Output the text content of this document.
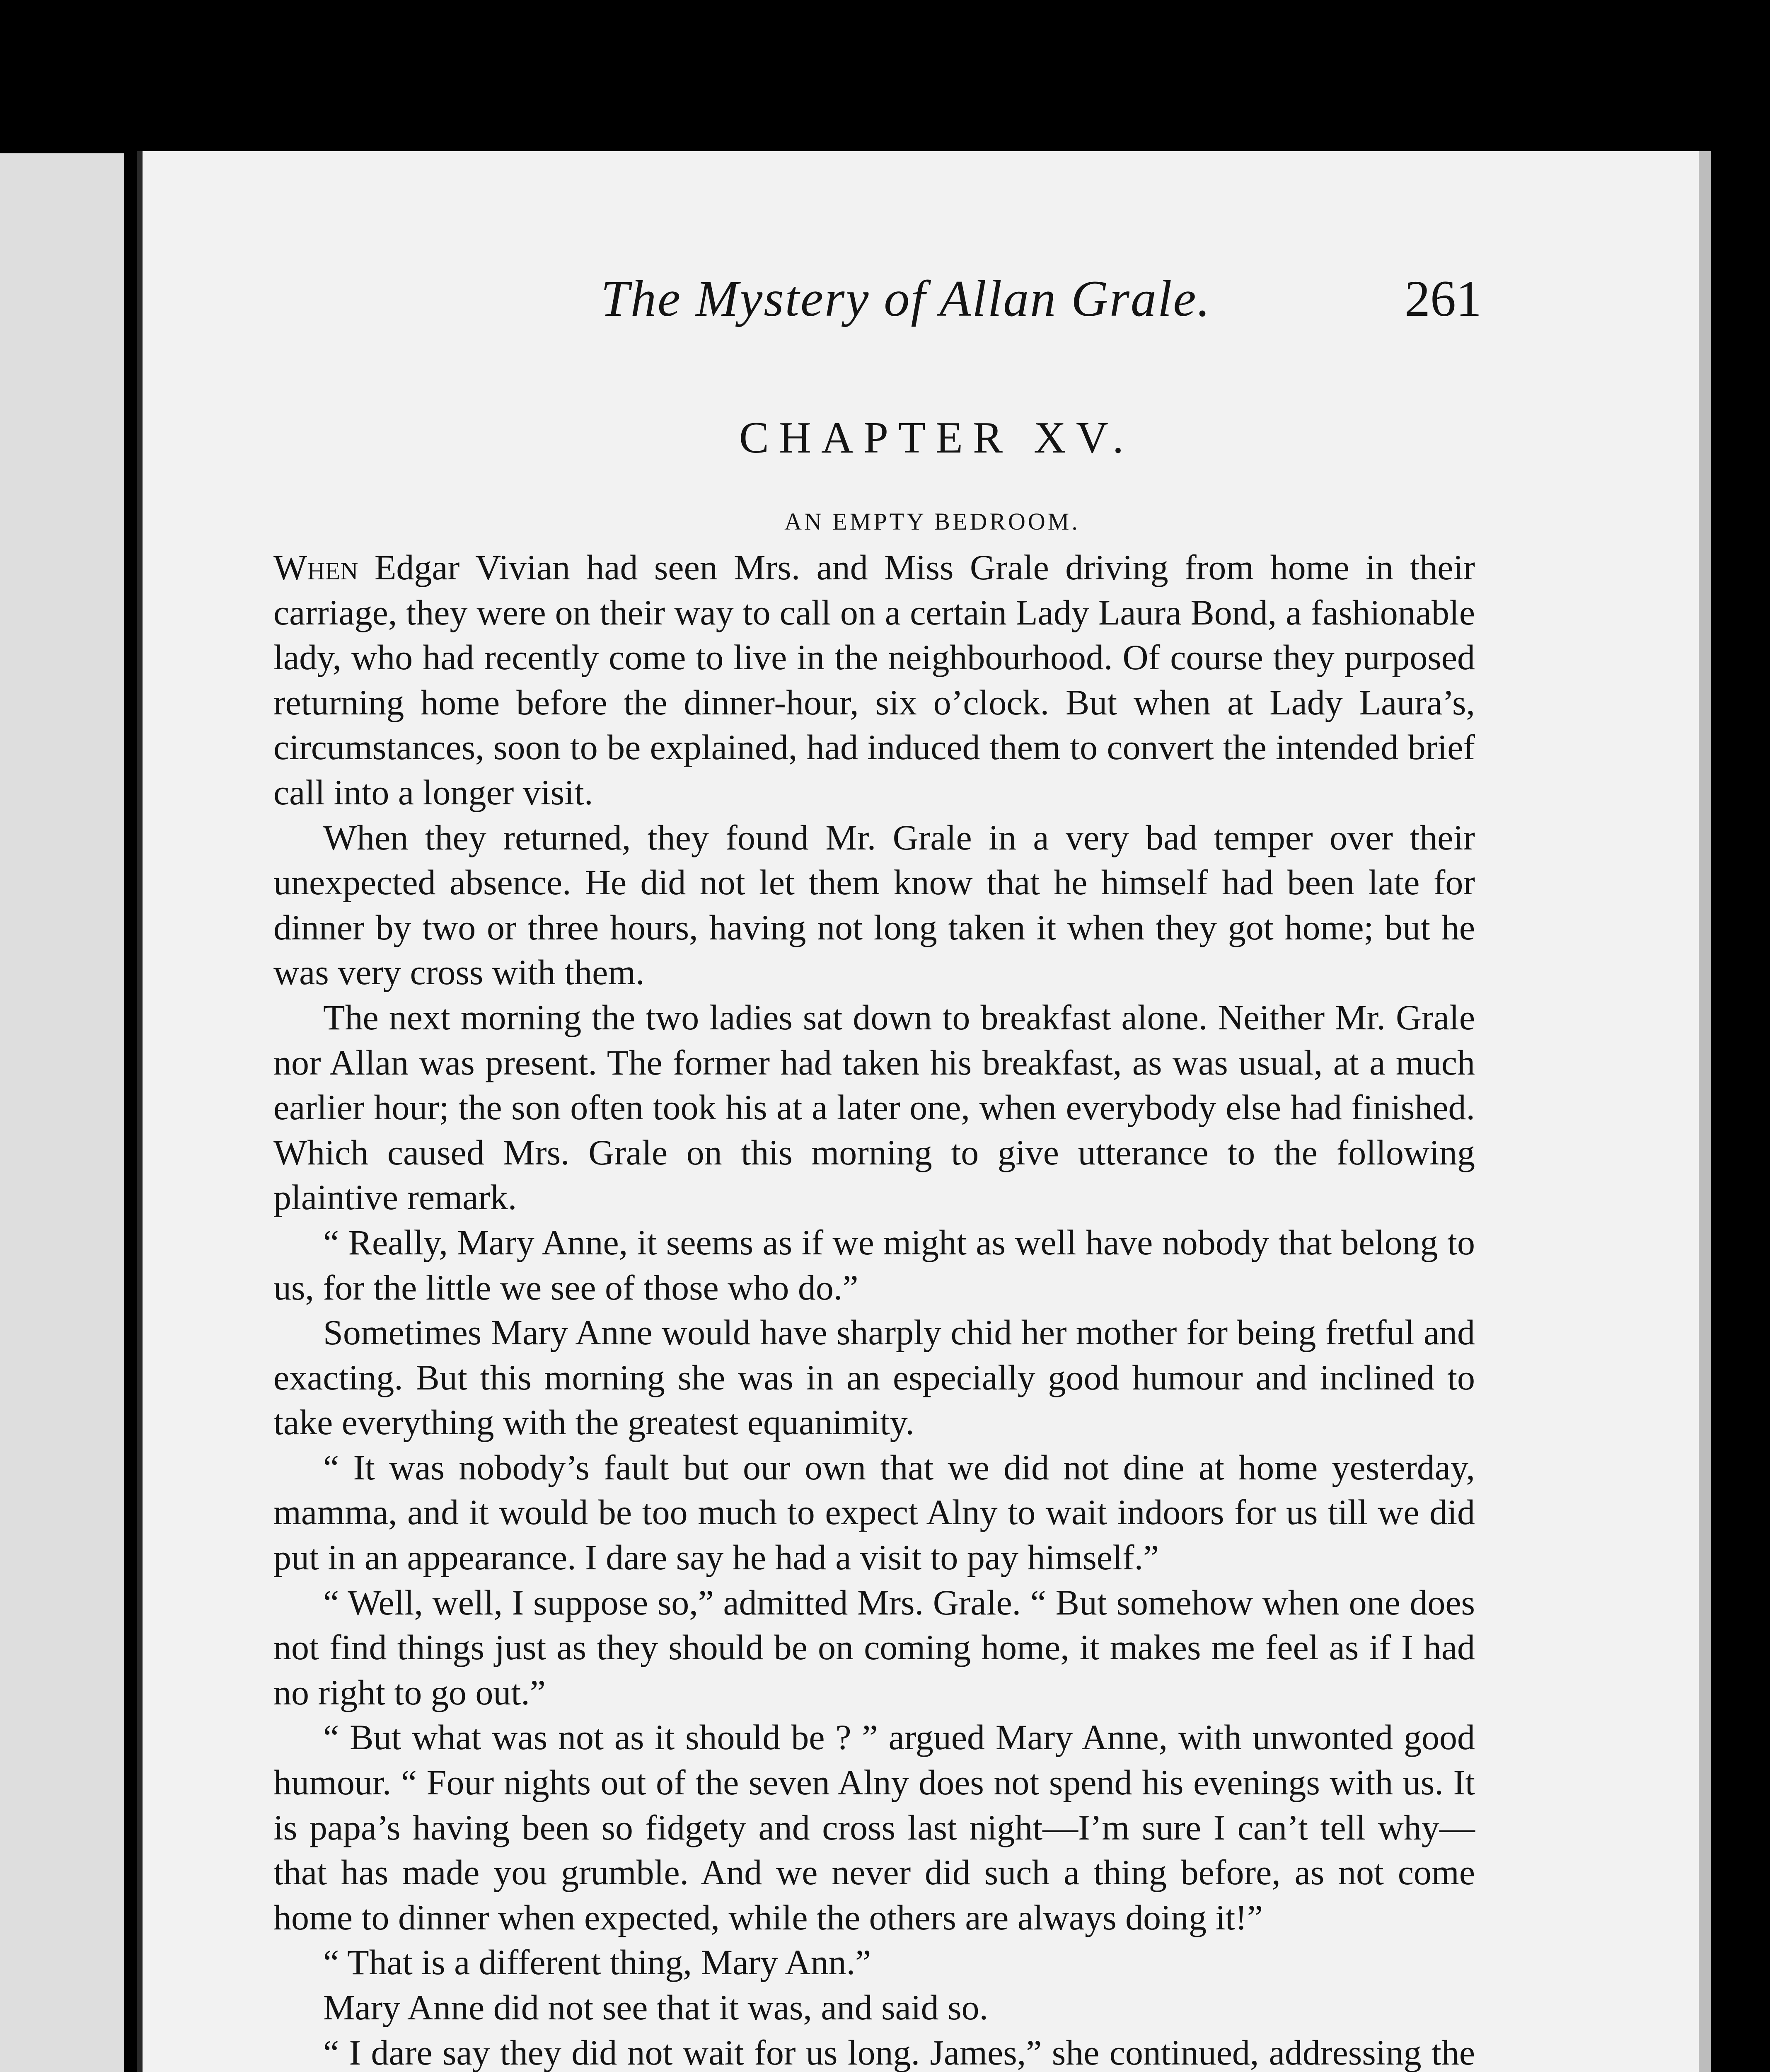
The Mystery of Allan Grale.	261
CHAPTER XV.
AN EMPTY BEDROOM.

When Edgar Vivian had seen Mrs. and Miss Grale driving from home in their carriage, they were on their way to call on a certain Lady Laura Bond, a fashionable lady, who had recently come to live in the neighbourhood. Of course they purposed returning home before the dinner-hour, six o’clock. But when at Lady Laura’s, circumstances, soon to be explained, had induced them to convert the intended brief call into a longer visit.

When they returned, they found Mr. Grale in a very bad temper over their unexpected absence. He did not let them know that he himself had been late for dinner by two or three hours, having not long taken it when they got home; but he was very cross with them.

The next morning the two ladies sat down to breakfast alone. Neither Mr. Grale nor Allan was present. The former had taken his breakfast, as was usual, at a much earlier hour; the son often took his at a later one, when everybody else had finished. Which caused Mrs. Grale on this morning to give utterance to the following plaintive remark.

“ Really, Mary Anne, it seems as if we might as well have nobody that belong to us, for the little we see of those who do.”

Sometimes Mary Anne would have sharply chid her mother for being fretful and exacting. But this morning she was in an especially good humour and inclined to take everything with the greatest equanimity.

“ It was nobody’s fault but our own that we did not dine at home yesterday, mamma, and it would be too much to expect Alny to wait indoors for us till we did put in an appearance. I dare say he had a visit to pay himself.”

“ Well, well, I suppose so,” admitted Mrs. Grale. “ But somehow when one does not find things just as they should be on coming home, it makes me feel as if I had no right to go out.”

“ But what was not as it should be ? ” argued Mary Anne, with unwonted good humour. “ Four nights out of the seven Alny does not spend his evenings with us. It is papa’s having been so fidgety and cross last night—I’m sure I can’t tell why—that has made you grumble. And we never did such a thing before, as not come home to dinner when expected, while the others are always doing it!”

“ That is a different thing, Mary Ann.”

Mary Anne did not see that it was, and said so.

“ I dare say they did not wait for us long. James,” she continued, addressing the
